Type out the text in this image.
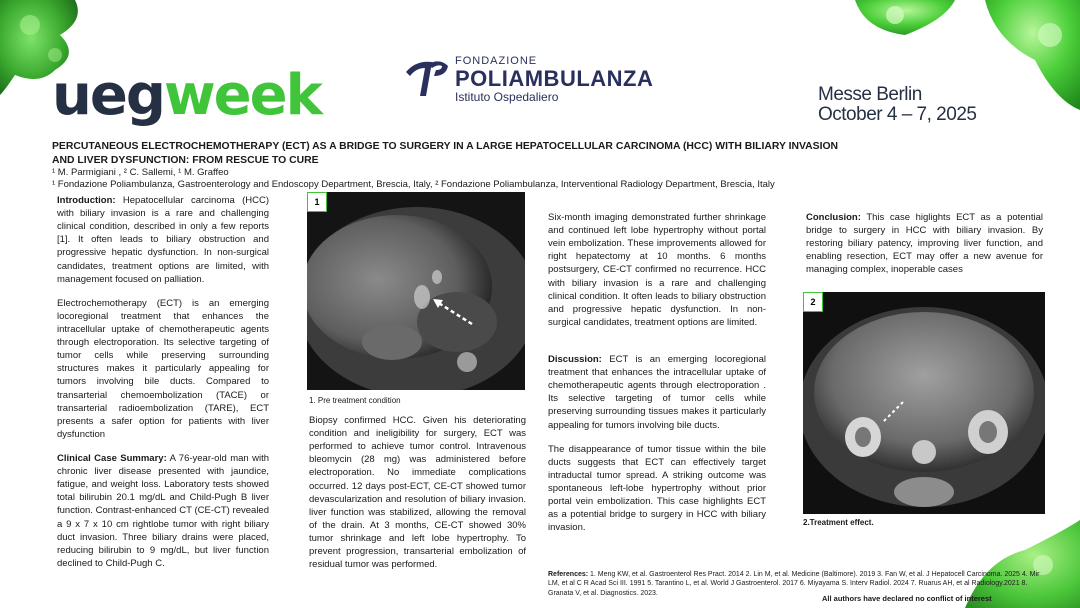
uegweek
FONDAZIONE
POLIAMBULANZA
Istituto Ospedaliero	Messe Berlin
October 4 – 7, 2025
PERCUTANEOUS ELECTROCHEMOTHERAPY (ECT) AS A BRIDGE TO SURGERY IN A LARGE HEPATOCELLULAR CARCINOMA (HCC) WITH BILIARY INVASION AND LIVER DYSFUNCTION: FROM RESCUE TO CURE
¹ M. Parmigiani , ² C. Sallemi, ¹ M. Graffeo
¹ Fondazione Poliambulanza, Gastroenterology and Endoscopy Department, Brescia, Italy, ² Fondazione Poliambulanza, Interventional Radiology Department, Brescia, Italy

Introduction: Hepatocellular carcinoma (HCC) with biliary invasion is a rare and challenging clinical condition, described in only a few reports [1]. It often leads to biliary obstruction and progressive hepatic dysfunction. In non-surgical candidates, treatment options are limited, with management focused on palliation.

Electrochemotherapy (ECT) is an emerging locoregional treatment that enhances the intracellular uptake of chemotherapeutic agents through electroporation. Its selective targeting of tumor cells while preserving surrounding structures makes it particularly appealing for tumors involving bile ducts. Compared to transarterial chemoembolization (TACE) or transarterial radioembolization (TARE), ECT presents a safer option for patients with liver dysfunction

Clinical Case Summary: A 76-year-old man with chronic liver disease presented with jaundice, fatigue, and weight loss. Laboratory tests showed total bilirubin 20.1 mg/dL and Child-Pugh B liver function. Contrast-enhanced CT (CE-CT) revealed a 9 x 7 x 10 cm rightlobe tumor with right biliary duct invasion. Three biliary drains were placed, reducing bilirubin to 9 mg/dL, but liver function declined to Child-Pugh C.

1
1. Pre treatment condition

Biopsy confirmed HCC. Given his deteriorating condition and ineligibility for surgery, ECT was performed to achieve tumor control. Intravenous bleomycin (28 mg) was administered before electroporation. No immediate complications occurred. 12 days post-ECT, CE-CT showed tumor devascularization and resolution of biliary invasion. liver function was stabilized, allowing the removal of the drain. At 3 months, CE-CT showed 30% tumor shrinkage and left lobe hypertrophy. To prevent progression, transarterial embolization of residual tumor was performed.

Six-month imaging demonstrated further shrinkage and continued left lobe hypertrophy without portal vein embolization. These improvements allowed for right hepatectomy at 10 months. 6 months postsurgery, CE-CT confirmed no recurrence. HCC with biliary invasion is a rare and challenging clinical condition. It often leads to biliary obstruction and progressive hepatic dysfunction. In non-surgical candidates, treatment options are limited.

Discussion: ECT is an emerging locoregional treatment that enhances the intracellular uptake of chemotherapeutic agents through electroporation . Its selective targeting of tumor cells while preserving surrounding tissues makes it particularly appealing for tumors involving bile ducts.

The disappearance of tumor tissue within the bile ducts suggests that ECT can effectively target intraductal tumor spread. A striking outcome was spontaneous left-lobe hypertrophy without prior portal vein embolization. This case highlights ECT as a potential bridge to surgery in HCC with biliary invasion.

Conclusion: This case higlights ECT as a potential bridge to surgery in HCC with biliary invasion. By restoring biliary patency, improving liver function, and enabling resection, ECT may offer a new avenue for managing complex, inoperable cases

2
2.Treatment effect.
References: 1. Meng KW, et al. Gastroenterol Res Pract. 2014 2. Lin M, et al. Medicine (Baltimore). 2019 3. Fan W, et al. J Hepatocell Carcinoma. 2025 4. Mir LM, et al C R Acad Sci III. 1991 5. Tarantino L, et al. World J Gastroenterol. 2017 6. Miyayama S. Interv Radiol. 2024 7. Ruarus AH, et al Radiology.2021 8. Granata V, et al. Diagnostics. 2023.
All authors have declared no conflict of interest
